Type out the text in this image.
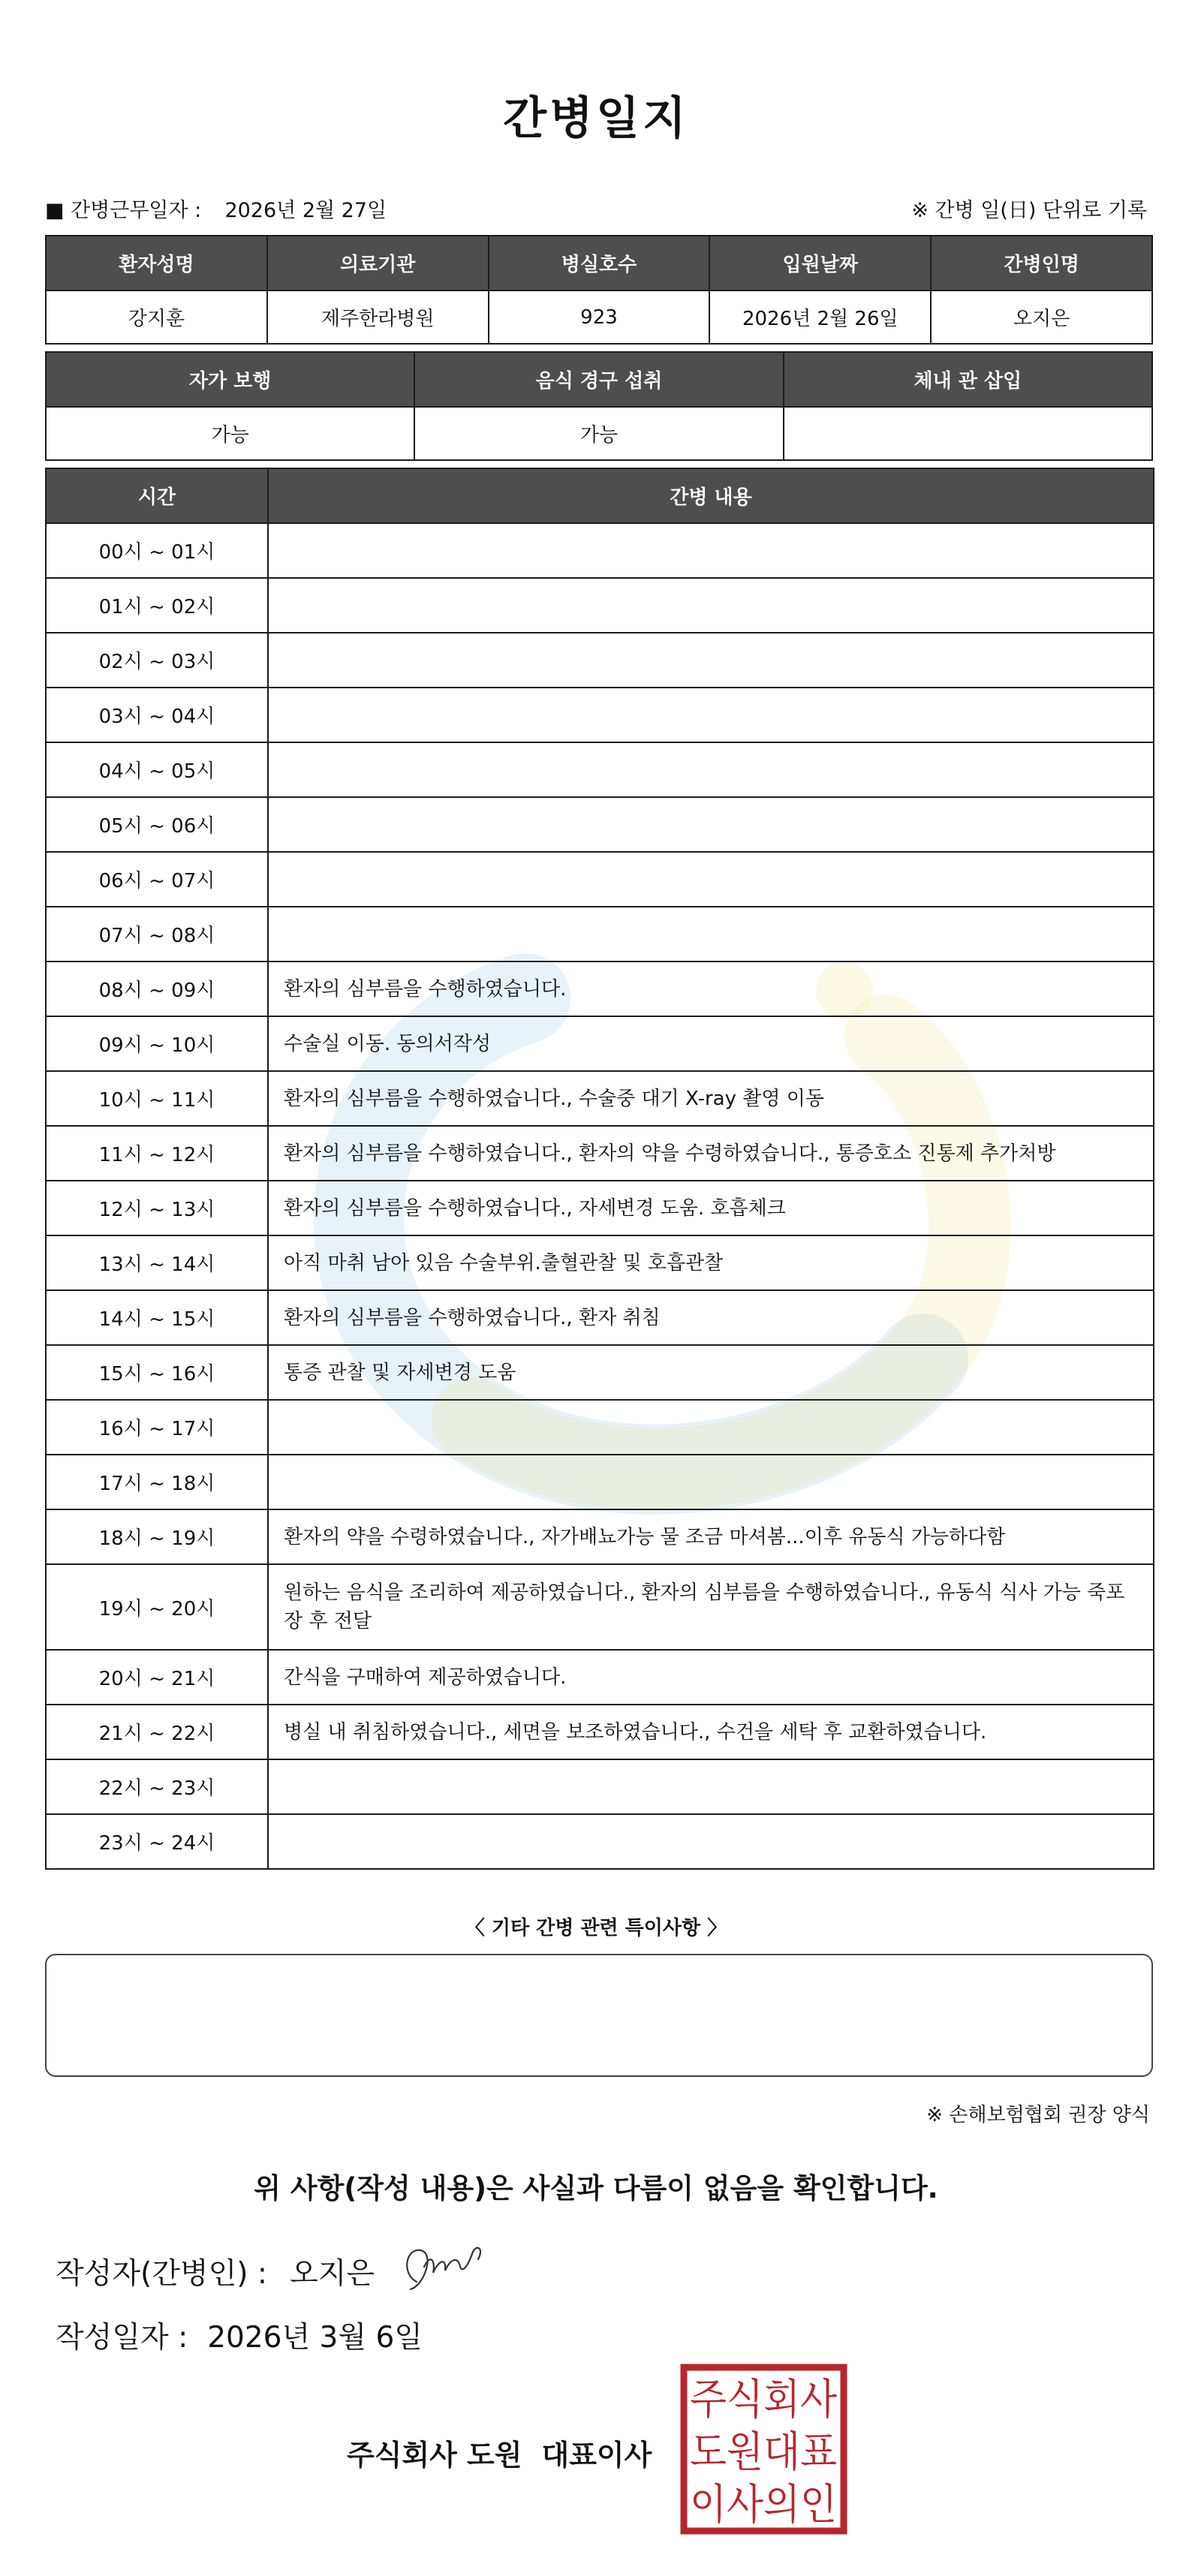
간병일지
■ 간병근무일자 : 2026년 2월 27일	※ 간병 일(日) 단위로 기록
환자성명	의료기관	병실호수	입원날짜	간병인명
강지훈	제주한라병원	923	2026년 2월 26일	오지은
자가 보행	음식 경구 섭취	체내 관 삽입
가능	가능	
시간	간병 내용
00시 ~ 01시	
01시 ~ 02시	
02시 ~ 03시	
03시 ~ 04시	
04시 ~ 05시	
05시 ~ 06시	
06시 ~ 07시	
07시 ~ 08시	
08시 ~ 09시	환자의 심부름을 수행하였습니다.
09시 ~ 10시	수술실 이동. 동의서작성
10시 ~ 11시	환자의 심부름을 수행하였습니다., 수술중 대기 X-ray 촬영 이동
11시 ~ 12시	환자의 심부름을 수행하였습니다., 환자의 약을 수령하였습니다., 통증호소 진통제 추가처방
12시 ~ 13시	환자의 심부름을 수행하였습니다., 자세변경 도움. 호흡체크
13시 ~ 14시	아직 마취 남아 있음 수술부위.출혈관찰 및 호흡관찰
14시 ~ 15시	환자의 심부름을 수행하였습니다., 환자 취침
15시 ~ 16시	통증 관찰 및 자세변경 도움
16시 ~ 17시	
17시 ~ 18시	
18시 ~ 19시	환자의 약을 수령하였습니다., 자가배뇨가능 물 조금 마셔봄...이후 유동식 가능하다함
19시 ~ 20시	원하는 음식을 조리하여 제공하였습니다., 환자의 심부름을 수행하였습니다., 유동식 식사 가능 죽포장 후 전달
20시 ~ 21시	간식을 구매하여 제공하였습니다.
21시 ~ 22시	병실 내 취침하였습니다., 세면을 보조하였습니다., 수건을 세탁 후 교환하였습니다.
22시 ~ 23시	
23시 ~ 24시	
〈 기타 간병 관련 특이사항 〉
※ 손해보험협회 권장 양식
위 사항(작성 내용)은 사실과 다름이 없음을 확인합니다.
작성자(간병인) : 오지은
작성일자 : 2026년 3월 6일
주식회사 도원 대표이사
주식회사
도원대표
이사의인
